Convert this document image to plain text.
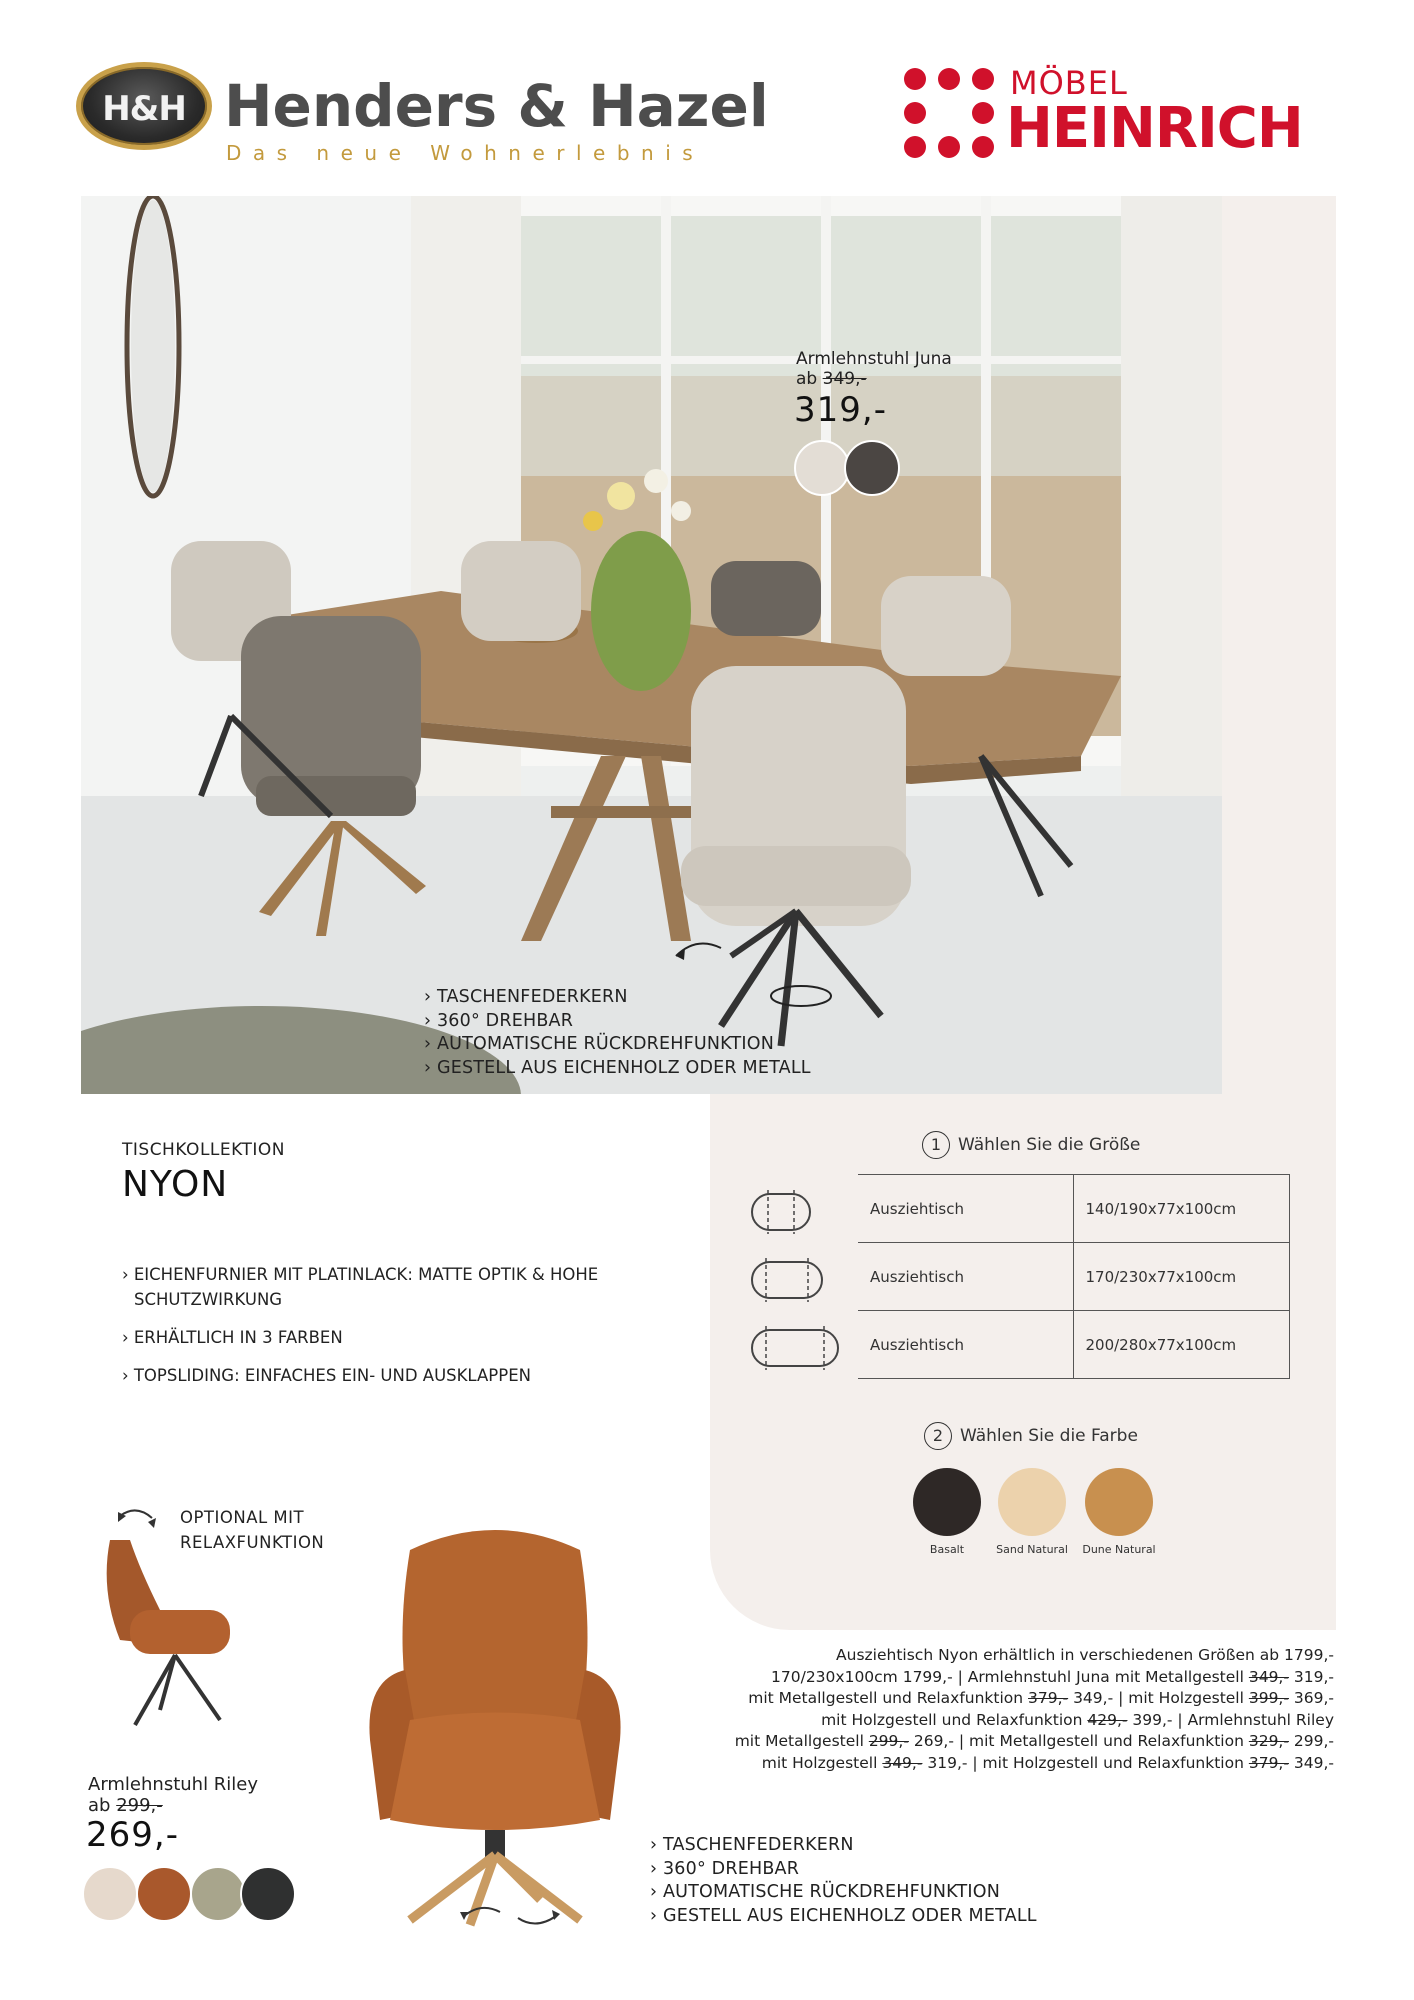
H&H Henders & Hazel
Das neue Wohnerlebnis
MÖBEL
HEINRICH
Armlehnstuhl Juna
ab 349,-
319,-
› TASCHENFEDERKERN
› 360° DREHBAR
› AUTOMATISCHE RÜCKDREHFUNKTION
› GESTELL AUS EICHENHOLZ ODER METALL
TISCHKOLLEKTION
NYON
› EICHENFURNIER MIT PLATINLACK: MATTE OPTIK & HOHE
SCHUTZWIRKUNG
› ERHÄLTLICH IN 3 FARBEN
› TOPSLIDING: EINFACHES EIN- UND AUSKLAPPEN
1 Wählen Sie die Größe
Ausziehtisch	140/190x77x100cm
Ausziehtisch	170/230x77x100cm
Ausziehtisch	200/280x77x100cm
2 Wählen Sie die Farbe
Basalt	Sand Natural	Dune Natural
Ausziehtisch Nyon erhältlich in verschiedenen Größen ab 1799,-
170/230x100cm 1799,- | Armlehnstuhl Juna mit Metallgestell 349,- 319,-
mit Metallgestell und Relaxfunktion 379,- 349,- | mit Holzgestell 399,- 369,-
mit Holzgestell und Relaxfunktion 429,- 399,- | Armlehnstuhl Riley
mit Metallgestell 299,- 269,- | mit Metallgestell und Relaxfunktion 329,- 299,-
mit Holzgestell 349,- 319,- | mit Holzgestell und Relaxfunktion 379,- 349,-
OPTIONAL MIT
RELAXFUNKTION
Armlehnstuhl Riley
ab 299,-
269,-	› TASCHENFEDERKERN
› 360° DREHBAR
› AUTOMATISCHE RÜCKDREHFUNKTION
› GESTELL AUS EICHENHOLZ ODER METALL
